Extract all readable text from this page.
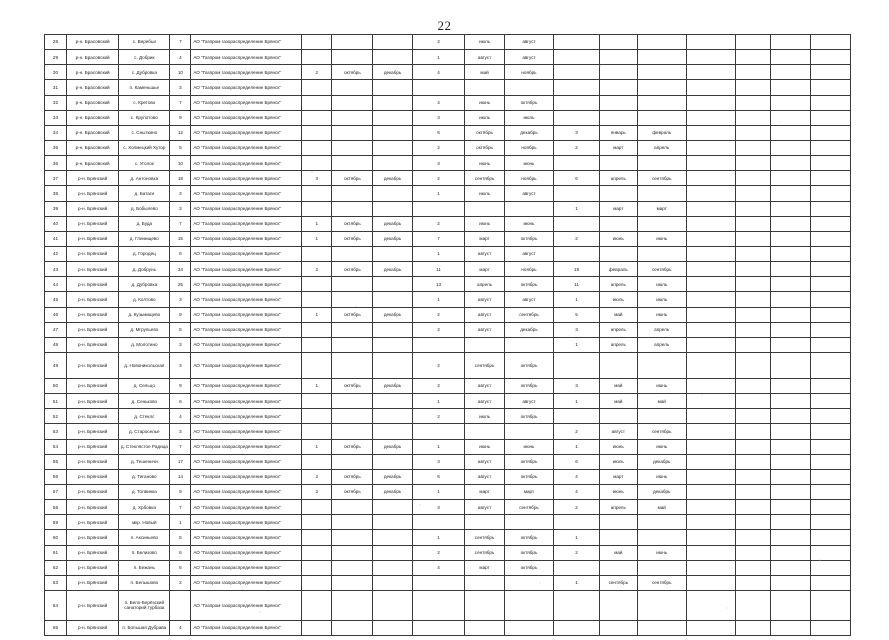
22
28	р-н. Брасовский	с. Веребьи	7	АО "Газпром газораспределение Брянск"				2	июль	август							
29	р-н. Брасовский	с. Добрик	4	АО "Газпром газораспределение Брянск"				1	август	август							
30	р-н. Брасовский	с. Дубровка	10	АО "Газпром газораспределение Брянск"	2	октябрь	декабрь	4	май	ноябрь							
31	р-н. Брасовский	п. Каменьшье	3	АО "Газпром газораспределение Брянск"													
32	р-н. Брасовский	с. Кретово	7	АО "Газпром газораспределение Брянск"				4	июнь	октябрь							
33	р-н. Брасовский	с. Крупотово	9	АО "Газпром газораспределение Брянск"				3	июль	июль							
34	р-н. Брасовский	с. Сныткино	12	АО "Газпром газораспределение Брянск"				6	октябрь	декабрь	3	январь	февраль				
35	р-н. Брасовский	с. Холмецкий Хутор	5	АО "Газпром газораспределение Брянск"				2	октябрь	ноябрь	2	март	апрель				
36	р-н. Брасовский	с. Уголок	10	АО "Газпром газораспределение Брянск"				3	июнь	июнь							
37	р-н. Брянский	д. Антоновка	18	АО "Газпром газораспределение Брянск"	3	октябрь	декабрь	2	сентябрь	ноябрь	6	апрель	сентябрь				
38	р-н. Брянский	д. Батаги	3	АО "Газпром газораспределение Брянск"				1	июль	август							
39	р-н. Брянский	д. Бобылево	3	АО "Газпром газораспределение Брянск"							1	март	март				
40	р-н. Брянский	д. Буда	7	АО "Газпром газораспределение Брянск"	1	октябрь	декабрь	2	июнь	июнь							
41	р-н. Брянский	д. Глинищево	15	АО "Газпром газораспределение Брянск"	1	октябрь	декабрь	7	март	октябрь	2	июнь	июнь				
42	р-н. Брянский	д. Городец	6	АО "Газпром газораспределение Брянск"				1	август	август							
43	р-н. Брянский	д. Добрунь	34	АО "Газпром газораспределение Брянск"	2	октябрь	декабрь	11	март	ноябрь	19	февраль	сентябрь				
44	р-н. Брянский	д. Дубровка	25	АО "Газпром газораспределение Брянск"				13	апрель	октябрь	11	апрель	июль				
45	р-н. Брянский	д. Колтово	3	АО "Газпром газораспределение Брянск"				1	август	август	1	июль	июль				
46	р-н. Брянский	д. Кузьмищево	9	АО "Газпром газораспределение Брянск"	1	октябрь	декабрь	2	август	сентябрь	5	май	июнь				
47	р-н. Брянский	д. Мгрупьево	5	АО "Газпром газораспределение Брянск"				2	август	декабрь	3	апрель	апрель				
48	р-н. Брянский	д. Молотино	3	АО "Газпром газораспределение Брянск"							1	апрель	апрель				
49	р-н. Брянский	д. Новоникольская	3	АО "Газпром газораспределение Брянск"				2	сентябрь	октябрь							
50	р-н. Брянский	д. Сельцо	9	АО "Газпром газораспределение Брянск"	1	октябрь	декабрь	2	август	октябрь	3	май	июнь				
51	р-н. Брянский	д. Сеньково	6	АО "Газпром газораспределение Брянск"				1	август	август	1	май	май				
52	р-н. Брянский	д. Стеклс	4	АО "Газпром газораспределение Брянск"				2	июль	октябрь							
53	р-н. Брянский	д. Староселье	3	АО "Газпром газораспределение Брянск"							2	август	сентябрь				
54	р-н. Брянский	д. Стеклястое Радица	7	АО "Газпром газораспределение Брянск"	1	октябрь	декабрь	1	июнь	июнь	1	июнь	июнь				
55	р-н. Брянский	д. Тешеничи	17	АО "Газпром газораспределение Брянск"				3	август	октябрь	6	июль	декабрь				
56	р-н. Брянский	д. Тиганово	14	АО "Газпром газораспределение Брянск"	2	октябрь	декабрь	6	август	октябрь	4	март	июнь				
57	р-н. Брянский	д. Толвинка	9	АО "Газпром газораспределение Брянск"	2	октябрь	декабрь	1	март	март	4	июнь	декабрь				
58	р-н. Брянский	д. Хрбовка	7	АО "Газпром газораспределение Брянск"				3	август	сентябрь	2	апрель	май				
59	р-н. Брянский	мкр. Новый	1	АО "Газпром газораспределение Брянск"													
60	р-н. Брянский	п. Аксиньево	5	АО "Газпром газораспределение Брянск"				1	сентябрь	октябрь	1						
61	р-н. Брянский	п. Белизово	6	АО "Газпром газораспределение Брянск"				2	сентябрь	октябрь	2	май	июнь				
62	р-н. Брянский	п. Бежань	6	АО "Газпром газораспределение Брянск"				4	март	октябрь							
63	р-н. Брянский	п. Белышово	2	АО "Газпром газораспределение Брянск"							1	сентябрь	сентябрь				
64	р-н. Брянский	п. Бело-Берёзский санаторий турбаза		АО "Газпром газораспределение Брянск"													
65	р-н. Брянский	п. Большая Дубрава	4	АО "Газпром газораспределение Брянск"													
